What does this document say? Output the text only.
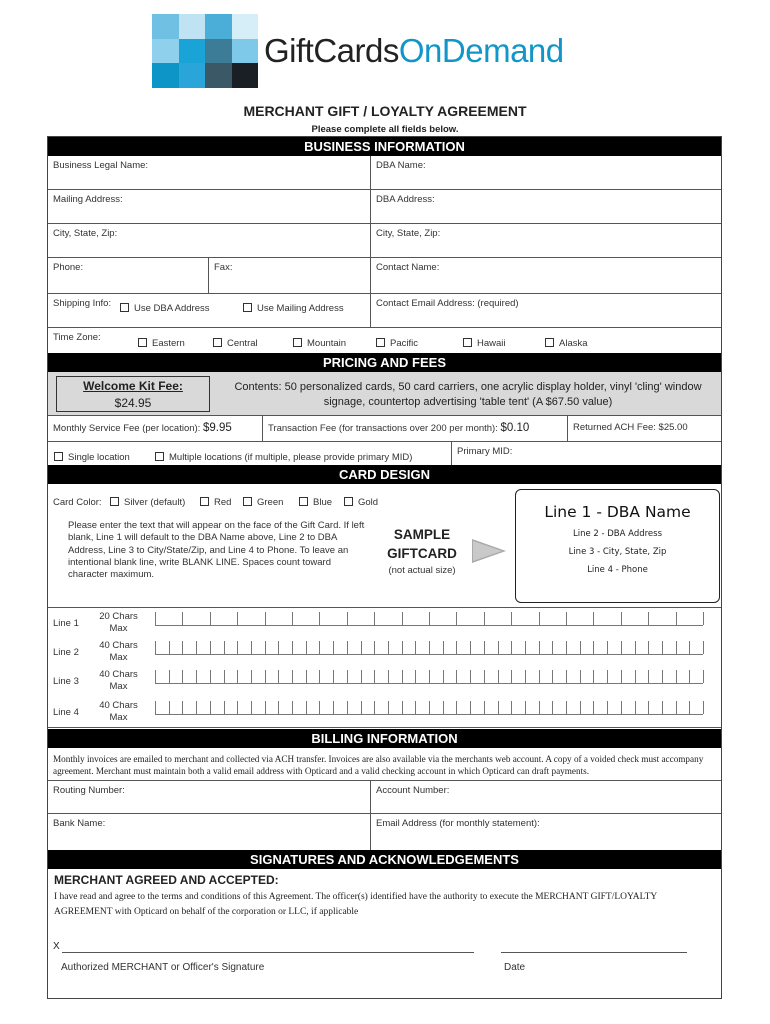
GiftCardsOnDemand
MERCHANT GIFT / LOYALTY AGREEMENT
Please complete all fields below.
BUSINESS INFORMATION
Business Legal Name:	DBA Name:
Mailing Address:	DBA Address:
City, State, Zip:	City, State, Zip:
Phone:	Fax:	Contact Name:
Shipping Info:	Use DBA Address	Use Mailing Address	Contact Email Address: (required)
Time Zone:
Eastern	Central	Mountain	Pacific	Hawaii	Alaska
PRICING AND FEES
Welcome Kit Fee:
$24.95
Contents: 50 personalized cards, 50 card carriers, one acrylic display holder, vinyl 'cling' window signage, countertop advertising 'table tent' (A $67.50 value)
Monthly Service Fee (per location): $9.95	Transaction Fee (for transactions over 200 per month): $0.10	Returned ACH Fee: $25.00
Single location	Multiple locations (if multiple, please provide primary MID)
Primary MID:
CARD DESIGN
Card Color:	Silver (default)	Red	Green	Blue	Gold
Please enter the text that will appear on the face of the Gift Card. If left blank, Line 1 will default to the DBA Name above, Line 2 to DBA Address, Line 3 to City/State/Zip, and Line 4 to Phone. To leave an intentional blank line, write BLANK LINE. Spaces count toward character maximum.
SAMPLE
GIFTCARD
(not actual size)
Line 1 - DBA Name
Line 2 - DBA Address
Line 3 - City, State, Zip
Line 4 - Phone
Line 1
20 Chars Max
Line 2
40 Chars Max
Line 3
40 Chars Max
Line 4
40 Chars Max
BILLING INFORMATION
Monthly invoices are emailed to merchant and collected via ACH transfer. Invoices are also available via the merchants web account. A copy of a voided check must accompany agreement. Merchant must maintain both a valid email address with Opticard and a valid checking account in which Opticard can draft payments.
Routing Number:	Account Number:
Bank Name:	Email Address (for monthly statement):
SIGNATURES AND ACKNOWLEDGEMENTS
MERCHANT AGREED AND ACCEPTED:
I have read and agree to the terms and conditions of this Agreement. The officer(s) identified have the authority to execute the MERCHANT GIFT/LOYALTY AGREEMENT with Opticard on behalf of the corporation or LLC, if applicable
X
Authorized MERCHANT or Officer's Signature	Date
